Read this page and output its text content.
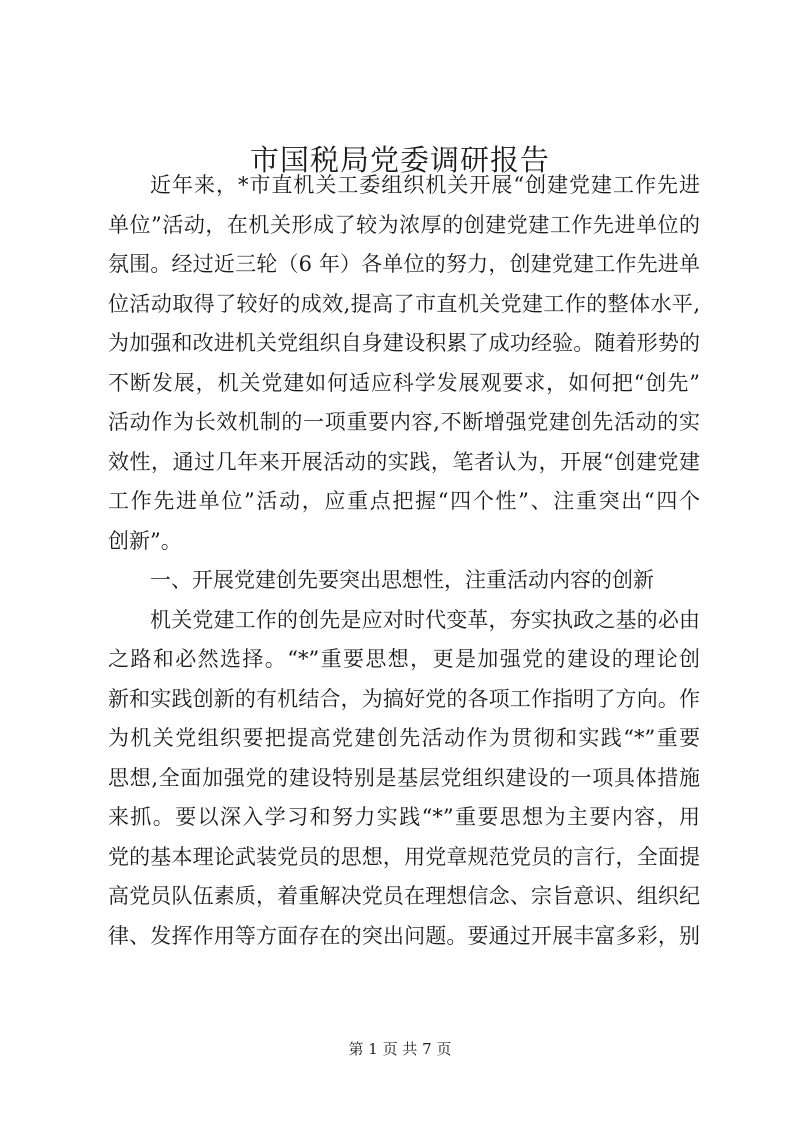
市国税局党委调研报告
近年来，*市直机关工委组织机关开展“创建党建工作先进
单位”活动，在机关形成了较为浓厚的创建党建工作先进单位的
氛围。经过近三轮（6 年）各单位的努力，创建党建工作先进单
位活动取得了较好的成效,提高了市直机关党建工作的整体水平,
为加强和改进机关党组织自身建设积累了成功经验。随着形势的
不断发展，机关党建如何适应科学发展观要求，如何把“创先”
活动作为长效机制的一项重要内容,不断增强党建创先活动的实
效性，通过几年来开展活动的实践，笔者认为，开展“创建党建
工作先进单位”活动，应重点把握“四个性”、注重突出“四个
创新”。
一、开展党建创先要突出思想性，注重活动内容的创新
机关党建工作的创先是应对时代变革，夯实执政之基的必由
之路和必然选择。“*”重要思想，更是加强党的建设的理论创
新和实践创新的有机结合，为搞好党的各项工作指明了方向。作
为机关党组织要把提高党建创先活动作为贯彻和实践“*”重要
思想,全面加强党的建设特别是基层党组织建设的一项具体措施
来抓。要以深入学习和努力实践“*”重要思想为主要内容，用
党的基本理论武装党员的思想，用党章规范党员的言行，全面提
高党员队伍素质，着重解决党员在理想信念、宗旨意识、组织纪
律、发挥作用等方面存在的突出问题。要通过开展丰富多彩，别
第 1 页 共 7 页
